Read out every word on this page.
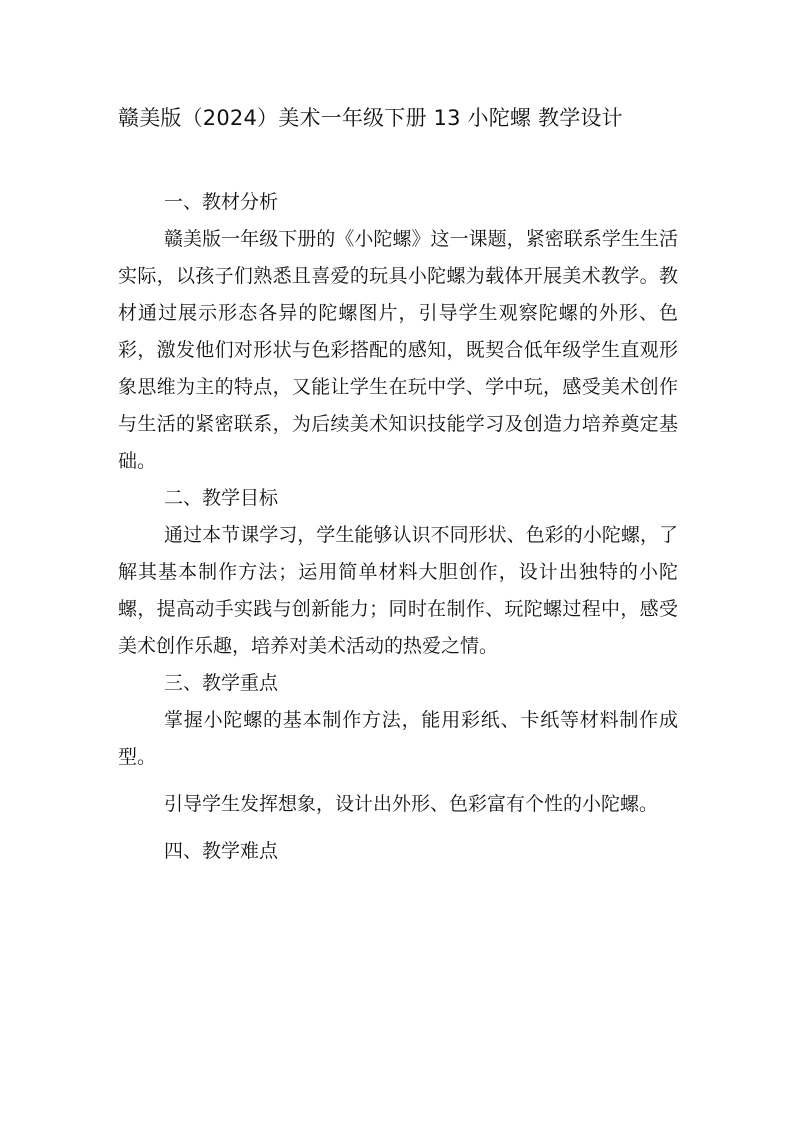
赣美版（2024）美术一年级下册 13 小陀螺 教学设计

一、教材分析

赣美版一年级下册的《小陀螺》这一课题，紧密联系学生生活实际，以孩子们熟悉且喜爱的玩具小陀螺为载体开展美术教学。教材通过展示形态各异的陀螺图片，引导学生观察陀螺的外形、色彩，激发他们对形状与色彩搭配的感知，既契合低年级学生直观形象思维为主的特点，又能让学生在玩中学、学中玩，感受美术创作与生活的紧密联系，为后续美术知识技能学习及创造力培养奠定基础。

二、教学目标

通过本节课学习，学生能够认识不同形状、色彩的小陀螺，了解其基本制作方法；运用简单材料大胆创作，设计出独特的小陀螺，提高动手实践与创新能力；同时在制作、玩陀螺过程中，感受美术创作乐趣，培养对美术活动的热爱之情。

三、教学重点

掌握小陀螺的基本制作方法，能用彩纸、卡纸等材料制作成型。

引导学生发挥想象，设计出外形、色彩富有个性的小陀螺。

四、教学难点
